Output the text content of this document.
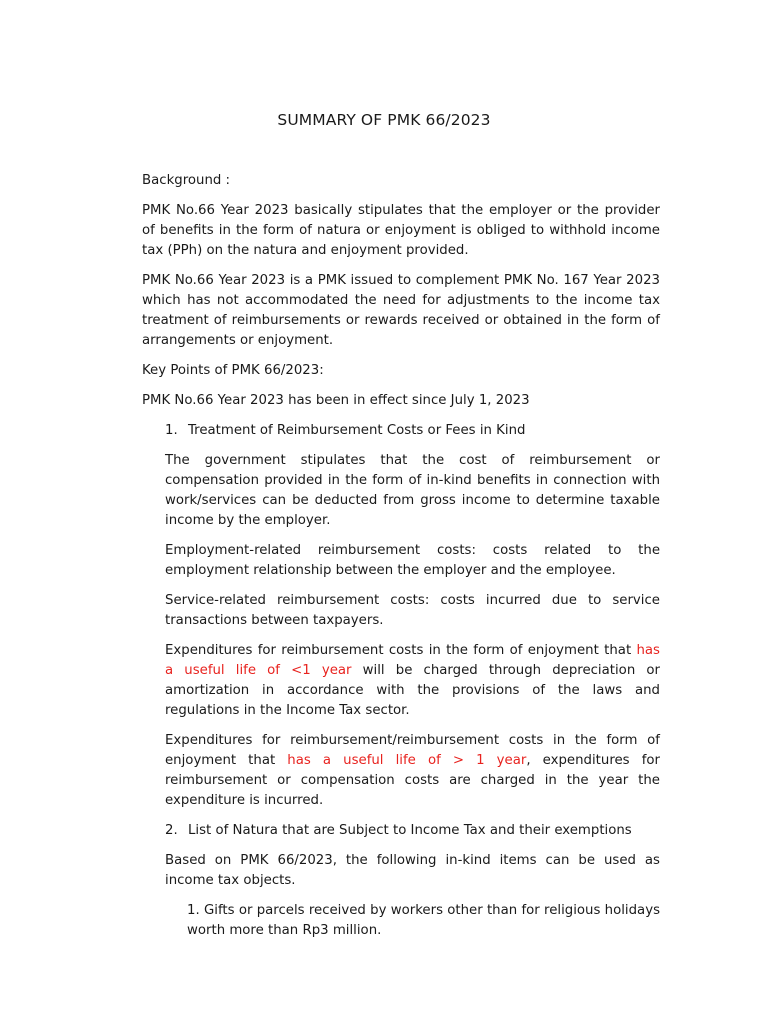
SUMMARY OF PMK 66/2023

Background :

PMK No.66 Year 2023 basically stipulates that the employer or the provider of benefits in the form of natura or enjoyment is obliged to withhold income tax (PPh) on the natura and enjoyment provided.

PMK No.66 Year 2023 is a PMK issued to complement PMK No. 167 Year 2023 which has not accommodated the need for adjustments to the income tax treatment of reimbursements or rewards received or obtained in the form of arrangements or enjoyment.

Key Points of PMK 66/2023:

PMK No.66 Year 2023 has been in effect since July 1, 2023

1. Treatment of Reimbursement Costs or Fees in Kind

The government stipulates that the cost of reimbursement or compensation provided in the form of in-kind benefits in connection with work/services can be deducted from gross income to determine taxable income by the employer.

Employment-related reimbursement costs: costs related to the employment relationship between the employer and the employee.

Service-related reimbursement costs: costs incurred due to service transactions between taxpayers.

Expenditures for reimbursement costs in the form of enjoyment that has a useful life of <1 year will be charged through depreciation or amortization in accordance with the provisions of the laws and regulations in the Income Tax sector.

Expenditures for reimbursement/reimbursement costs in the form of enjoyment that has a useful life of > 1 year, expenditures for reimbursement or compensation costs are charged in the year the expenditure is incurred.

2. List of Natura that are Subject to Income Tax and their exemptions

Based on PMK 66/2023, the following in-kind items can be used as income tax objects.

1. Gifts or parcels received by workers other than for religious holidays worth more than Rp3 million.
